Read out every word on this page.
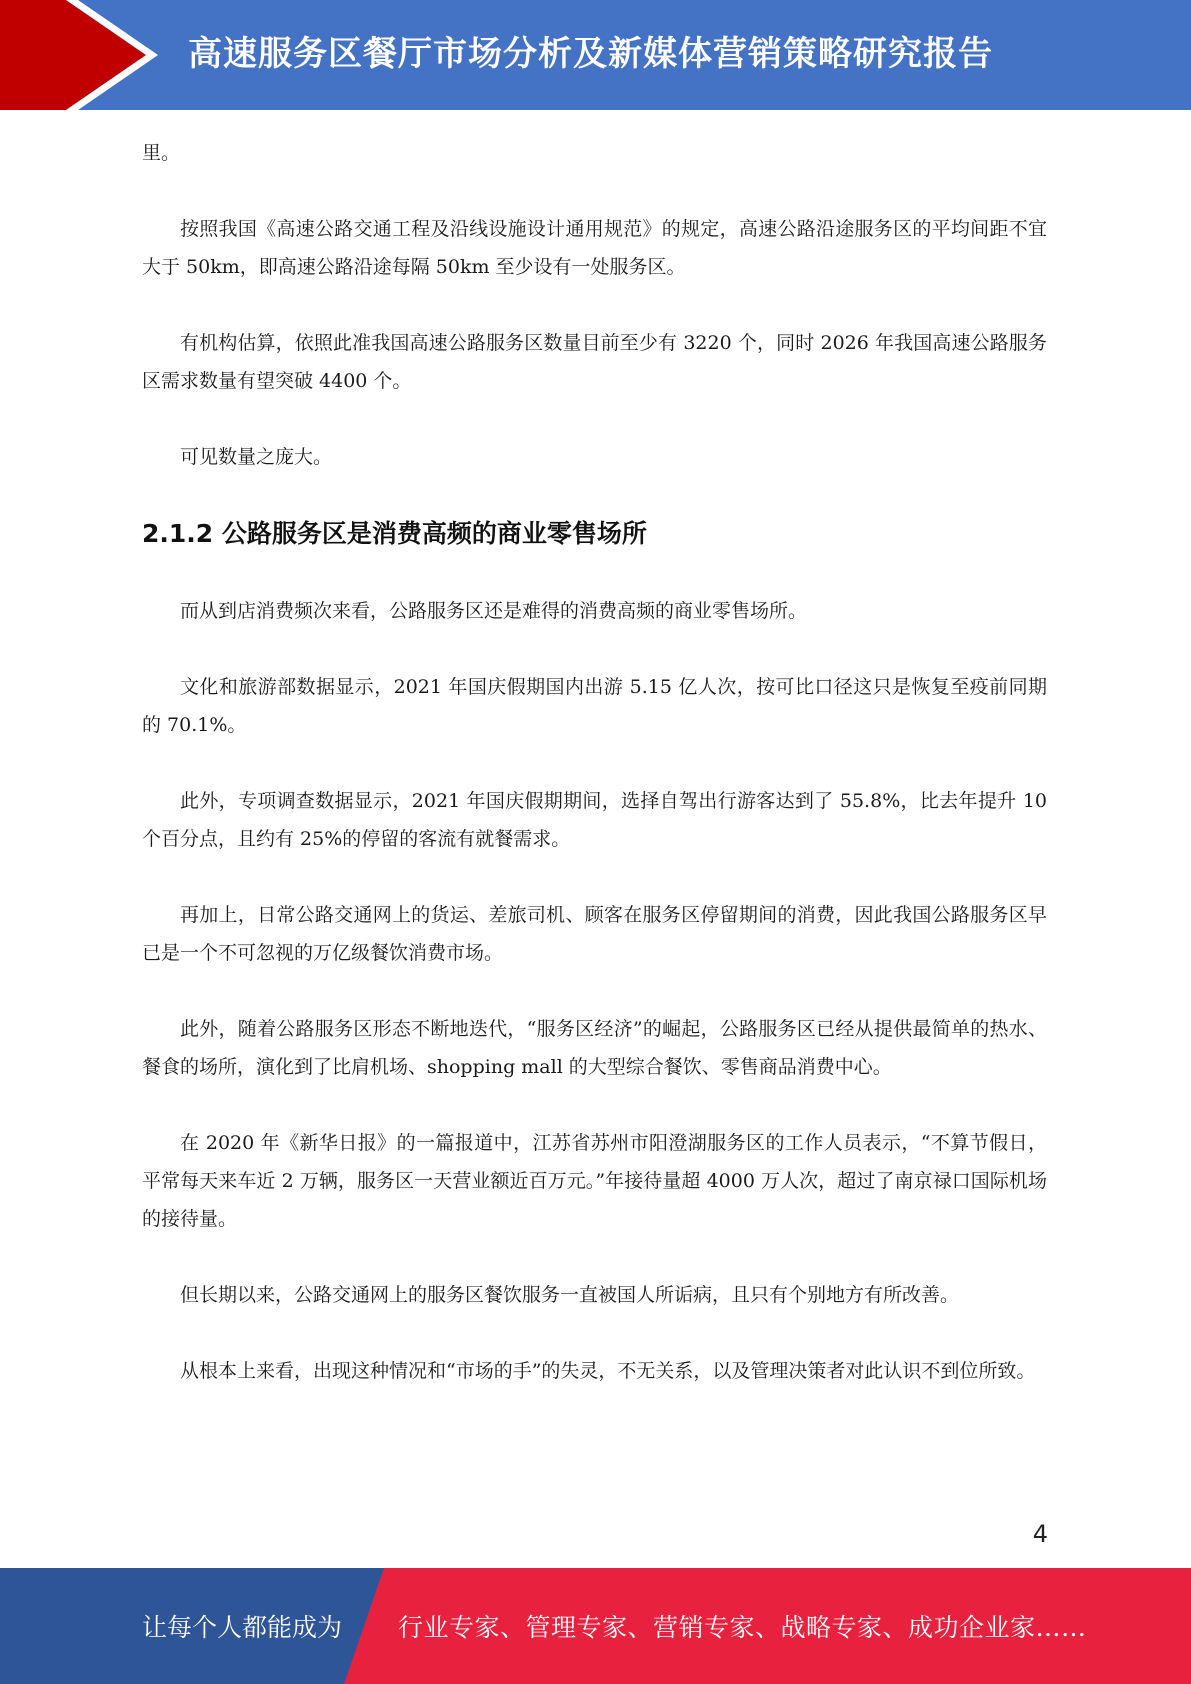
高速服务区餐厅市场分析及新媒体营销策略研究报告

里。

按照我国《高速公路交通工程及沿线设施设计通用规范》的规定，高速公路沿途服务区的平均间距不宜大于 50km，即高速公路沿途每隔 50km 至少设有一处服务区。

有机构估算，依照此准我国高速公路服务区数量目前至少有 3220 个，同时 2026 年我国高速公路服务区需求数量有望突破 4400 个。

可见数量之庞大。

2.1.2 公路服务区是消费高频的商业零售场所

而从到店消费频次来看，公路服务区还是难得的消费高频的商业零售场所。

文化和旅游部数据显示，2021 年国庆假期国内出游 5.15 亿人次，按可比口径这只是恢复至疫前同期的 70.1%。

此外，专项调查数据显示，2021 年国庆假期期间，选择自驾出行游客达到了 55.8%，比去年提升 10 个百分点，且约有 25%的停留的客流有就餐需求。

再加上，日常公路交通网上的货运、差旅司机、顾客在服务区停留期间的消费，因此我国公路服务区早已是一个不可忽视的万亿级餐饮消费市场。

此外，随着公路服务区形态不断地迭代，“服务区经济”的崛起，公路服务区已经从提供最简单的热水、餐食的场所，演化到了比肩机场、shopping mall 的大型综合餐饮、零售商品消费中心。

在 2020 年《新华日报》的一篇报道中，江苏省苏州市阳澄湖服务区的工作人员表示，“不算节假日，平常每天来车近 2 万辆，服务区一天营业额近百万元。”年接待量超 4000 万人次，超过了南京禄口国际机场的接待量。

但长期以来，公路交通网上的服务区餐饮服务一直被国人所诟病，且只有个别地方有所改善。

从根本上来看，出现这种情况和“市场的手”的失灵，不无关系，以及管理决策者对此认识不到位所致。

4
让每个人都能成为 行业专家、管理专家、营销专家、战略专家、成功企业家……
